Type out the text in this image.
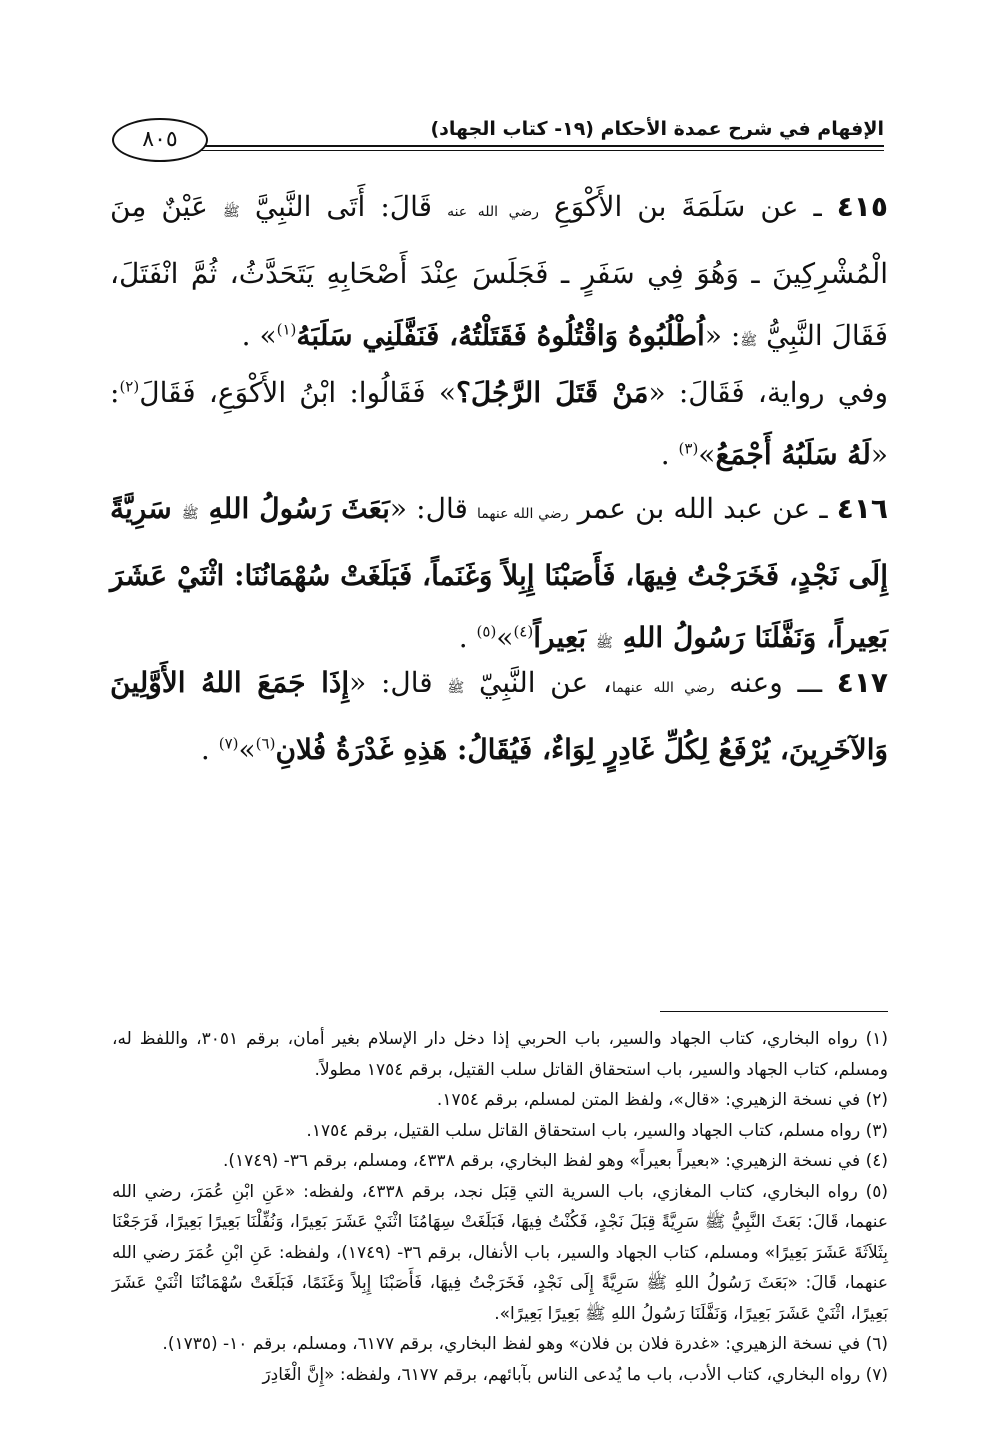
الإفهام في شرح عمدة الأحكام (١٩- كتاب الجهاد)
٨٠٥
٤١٥ ـ عن سَلَمَةَ بن الأَكْوَعِ رضي الله عنه قَالَ: أَتَى النَّبِيَّ ﷺ عَيْنٌ مِنَ الْمُشْرِكِينَ ـ وَهُوَ فِي سَفَرٍ ـ فَجَلَسَ عِنْدَ أَصْحَابِهِ يَتَحَدَّثُ، ثُمَّ انْفَتَلَ، فَقَالَ النَّبِيُّ ﷺ: «اُطْلُبُوهُ وَاقْتُلُوهُ فَقَتَلْتُهُ، فَنَفَّلَنِي سَلَبَهُ$^{(١)}$» .
وفي رواية، فَقَالَ: «مَنْ قَتَلَ الرَّجُلَ؟» فَقَالُوا: ابْنُ الأَكْوَعِ، فَقَالَ$^{(٢)}$: «لَهُ سَلَبُهُ أَجْمَعُ»$^{(٣)}$ .
٤١٦ ـ عن عبد الله بن عمر رضي الله عنهما قال: «بَعَثَ رَسُولُ اللهِ ﷺ سَرِيَّةً إِلَى نَجْدٍ، فَخَرَجْتُ فِيهَا، فَأَصَبْنَا إِبِلاً وَغَنَماً، فَبَلَغَتْ سُهْمَانُنَا: اثْنَيْ عَشَرَ بَعِيراً، وَنَفَّلَنَا رَسُولُ اللهِ ﷺ بَعِيراً$^{(٤)}$»$^{(٥)}$ .
٤١٧ ـــ وعنه رضي الله عنهما، عن النَّبِيّ ﷺ قال: «إِذَا جَمَعَ اللهُ الأَوَّلِينَ وَالآخَرِينَ، يُرْفَعُ لِكُلِّ غَادِرٍ لِوَاءٌ، فَيُقَالُ: هَذِهِ غَدْرَةُ فُلانِ$^{(٦)}$»$^{(٧)}$ .

(١) رواه البخاري، كتاب الجهاد والسير، باب الحربي إذا دخل دار الإسلام بغير أمان، برقم ٣٠٥١، واللفظ له، ومسلم، كتاب الجهاد والسير، باب استحقاق القاتل سلب القتيل، برقم ١٧٥٤ مطولاً.

(٢) في نسخة الزهيري: «قال»، ولفظ المتن لمسلم، برقم ١٧٥٤.

(٣) رواه مسلم، كتاب الجهاد والسير، باب استحقاق القاتل سلب القتيل، برقم ١٧٥٤.

(٤) في نسخة الزهيري: «بعيراً بعيراً» وهو لفظ البخاري، برقم ٤٣٣٨، ومسلم، برقم ٣٦- (١٧٤٩).

(٥) رواه البخاري، كتاب المغازي، باب السرية التي قِبَل نجد، برقم ٤٣٣٨، ولفظه: «عَنِ ابْنِ عُمَرَ، رضي الله عنهما، قَالَ: بَعَثَ النَّبِيُّ ﷺ سَرِيَّةً قِبَلَ نَجْدٍ، فَكُنْتُ فِيهَا، فَبَلَغَتْ سِهَامُنَا اثْنَيْ عَشَرَ بَعِيرًا، وَنُفِّلْنَا بَعِيرًا بَعِيرًا، فَرَجَعْنَا بِثَلاَثَةَ عَشَرَ بَعِيرًا» ومسلم، كتاب الجهاد والسير، باب الأنفال، برقم ٣٦- (١٧٤٩)، ولفظه: عَنِ ابْنِ عُمَرَ رضي الله عنهما، قَالَ: «بَعَثَ رَسُولُ اللهِ ﷺ سَرِيَّةً إِلَى نَجْدٍ، فَخَرَجْتُ فِيهَا، فَأَصَبْنَا إِبِلاً وَغَنَمًا، فَبَلَغَتْ سُهْمَانُنَا اثْنَيْ عَشَرَ بَعِيرًا، اثْنَيْ عَشَرَ بَعِيرًا، وَنَفَّلَنَا رَسُولُ اللهِ ﷺ بَعِيرًا بَعِيرًا».

(٦) في نسخة الزهيري: «غدرة فلان بن فلان» وهو لفظ البخاري، برقم ٦١٧٧، ومسلم، برقم ١٠- (١٧٣٥).

(٧) رواه البخاري، كتاب الأدب، باب ما يُدعى الناس بآبائهم، برقم ٦١٧٧، ولفظه: «إِنَّ الْغَادِرَ
